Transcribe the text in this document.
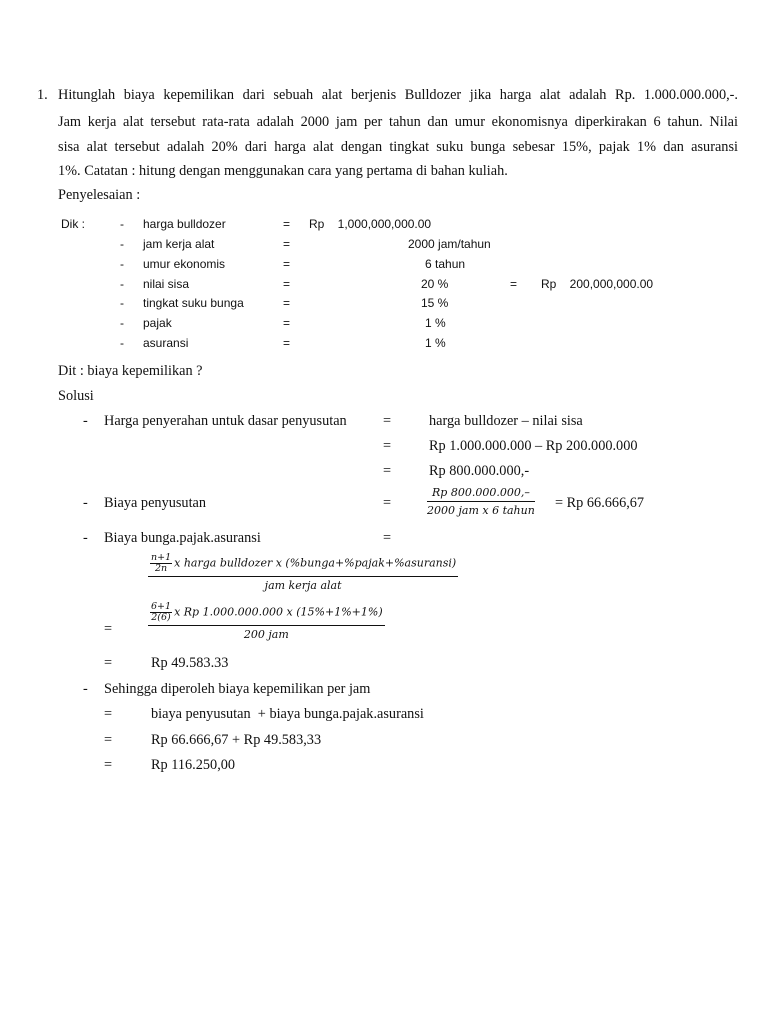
1. Hitunglah biaya kepemilikan dari sebuah alat berjenis Bulldozer jika harga alat adalah Rp. 1.000.000.000,-.
Jam kerja alat tersebut rata-rata adalah 2000 jam per tahun dan umur ekonomisnya diperkirakan 6 tahun. Nilai
sisa alat tersebut adalah 20% dari harga alat dengan tingkat suku bunga sebesar 15%, pajak 1% dan asuransi
1%. Catatan : hitung dengan menggunakan cara yang pertama di bahan kuliah.
Penyelesaian :
Dik :	- harga bulldozer	= Rp    1,000,000,000.00
- jam kerja alat	=	2000 jam/tahun
- umur ekonomis	=	6 tahun
- nilai sisa	=	20 %	= Rp    200,000,000.00
- tingkat suku bunga	=	15 %
- pajak	=	1 %
- asuransi	=	1 %
Dit : biaya kepemilikan ?
Solusi
- Harga penyerahan untuk dasar penyusutan	=	harga bulldozer – nilai sisa
=	Rp 1.000.000.000 – Rp 200.000.000
=	Rp 800.000.000,-
- Biaya penyusutan	=
Rp 800.000.000,–
2000 jam x 6 tahun = Rp 66.666,67
- Biaya bunga.pajak.asuransi	=
$\frac{n+1}{2n}$ x harga bulldozer x (%bunga+%pajak+%asuransi)
jam kerja alat
=
$\frac{6+1}{2(6)}$ x Rp 1.000.000.000 x (15%+1%+1%)
200 jam
=	Rp 49.583.33
- Sehingga diperoleh biaya kepemilikan per jam
=	biaya penyusutan  + biaya bunga.pajak.asuransi
=	Rp 66.666,67 + Rp 49.583,33
=	Rp 116.250,00
